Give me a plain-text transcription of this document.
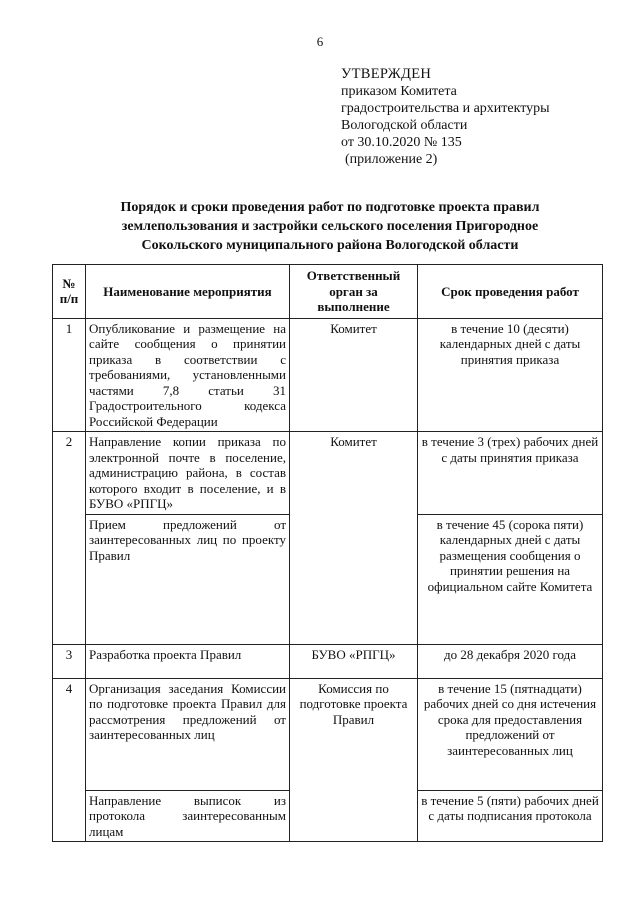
6
УТВЕРЖДЕН
приказом Комитета
градостроительства и архитектуры
Вологодской области
от 30.10.2020 № 135
(приложение 2)
Порядок и сроки проведения работ по подготовке проекта правил
землепользования и застройки сельского поселения Пригородное
Сокольского муниципального района Вологодской области
№ п/п	Наименование мероприятия	Ответственный орган за выполнение	Срок проведения работ
1	Опубликование и размещение на сайте сообщения о принятии приказа в соответствии с требованиями, установленными частями 7,8 статьи 31 Градостроительного кодекса Российской Федерации	Комитет	в течение 10 (десяти) календарных дней с даты принятия приказа
2	Направление копии приказа по электронной почте в поселение, администрацию района, в состав которого входит в поселение, и в БУВО «РПГЦ»	Комитет	в течение 3 (трех) рабочих дней с даты принятия приказа
	Прием предложений от заинтересованных лиц по проекту Правил		в течение 45 (сорока пяти) календарных дней с даты размещения сообщения о принятии решения на официальном сайте Комитета
3	Разработка проекта Правил	БУВО «РПГЦ»	до 28 декабря 2020 года
4	Организация заседания Комиссии по подготовке проекта Правил для рассмотрения предложений от заинтересованных лиц	Комиссия по подготовке проекта Правил	в течение 15 (пятнадцати) рабочих дней со дня истечения срока для предоставления предложений от заинтересованных лиц
	Направление выписок из протокола заинтересованным лицам		в течение 5 (пяти) рабочих дней с даты подписания протокола
